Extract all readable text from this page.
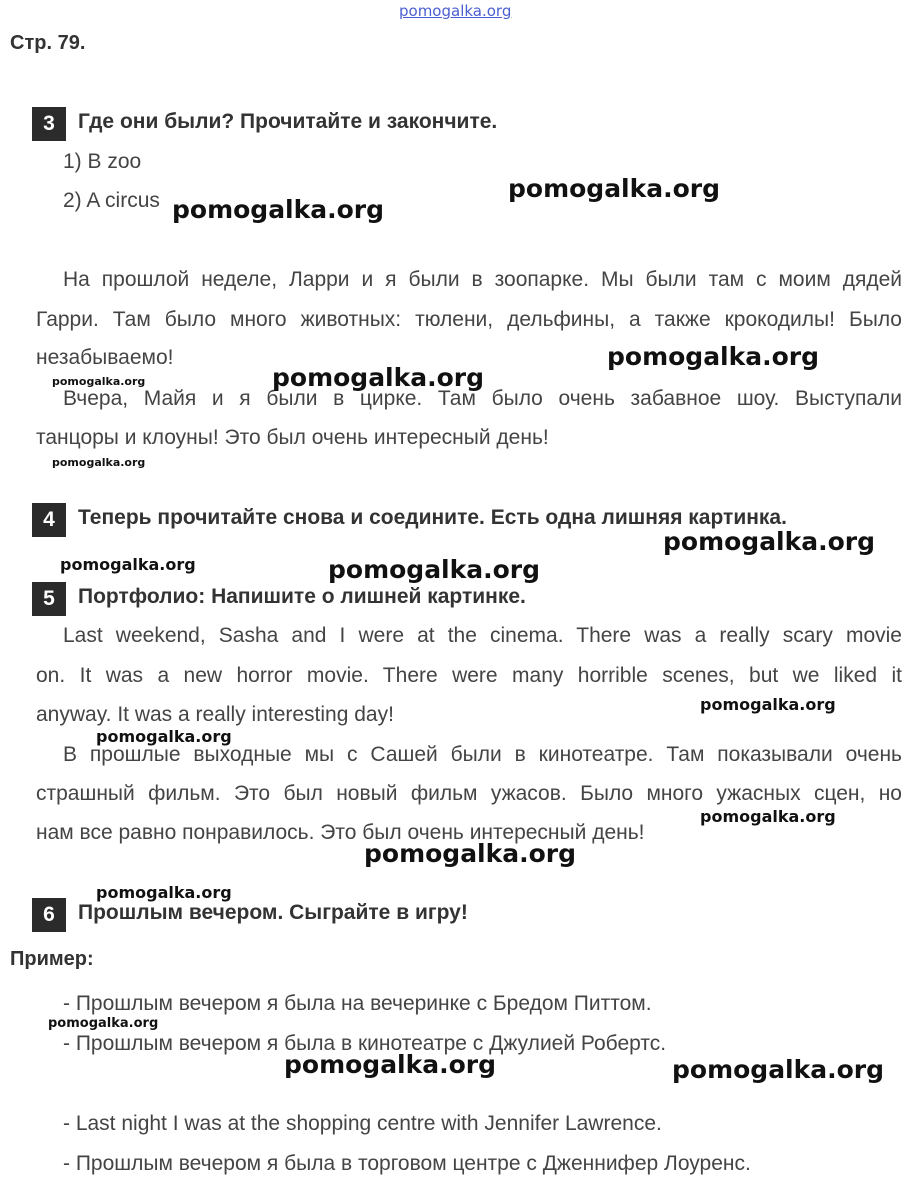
pomogalka.org
Стр. 79.
3	Где они были? Прочитайте и закончите.
1) B zoo
2) A circus
На прошлой неделе, Ларри и я были в зоопарке. Мы были там с моим дядей
Гарри. Там было много животных: тюлени, дельфины, а также крокодилы! Было
незабываемо!
Вчера, Майя и я были в цирке. Там было очень забавное шоу. Выступали
танцоры и клоуны! Это был очень интересный день!
4	Теперь прочитайте снова и соедините. Есть одна лишняя картинка.
5	Портфолио: Напишите о лишней картинке.
Last weekend, Sasha and I were at the cinema. There was a really scary movie
on. It was a new horror movie. There were many horrible scenes, but we liked it
anyway. It was a really interesting day!
В прошлые выходные мы с Сашей были в кинотеатре. Там показывали очень
страшный фильм. Это был новый фильм ужасов. Было много ужасных сцен, но
нам все равно понравилось. Это был очень интересный день!
6	Прошлым вечером. Сыграйте в игру!
Пример:
- Прошлым вечером я была на вечеринке с Бредом Питтом.
- Прошлым вечером я была в кинотеатре с Джулией Робертс.
- Last night I was at the shopping centre with Jennifer Lawrence.
- Прошлым вечером я была в торговом центре с Дженнифер Лоуренс.
pomogalka.org
pomogalka.org
pomogalka.org
pomogalka.org
pomogalka.org
pomogalka.org
pomogalka.org
pomogalka.org	pomogalka.org
pomogalka.org
pomogalka.org
pomogalka.org
pomogalka.org
pomogalka.org
pomogalka.org
pomogalka.org	pomogalka.org
